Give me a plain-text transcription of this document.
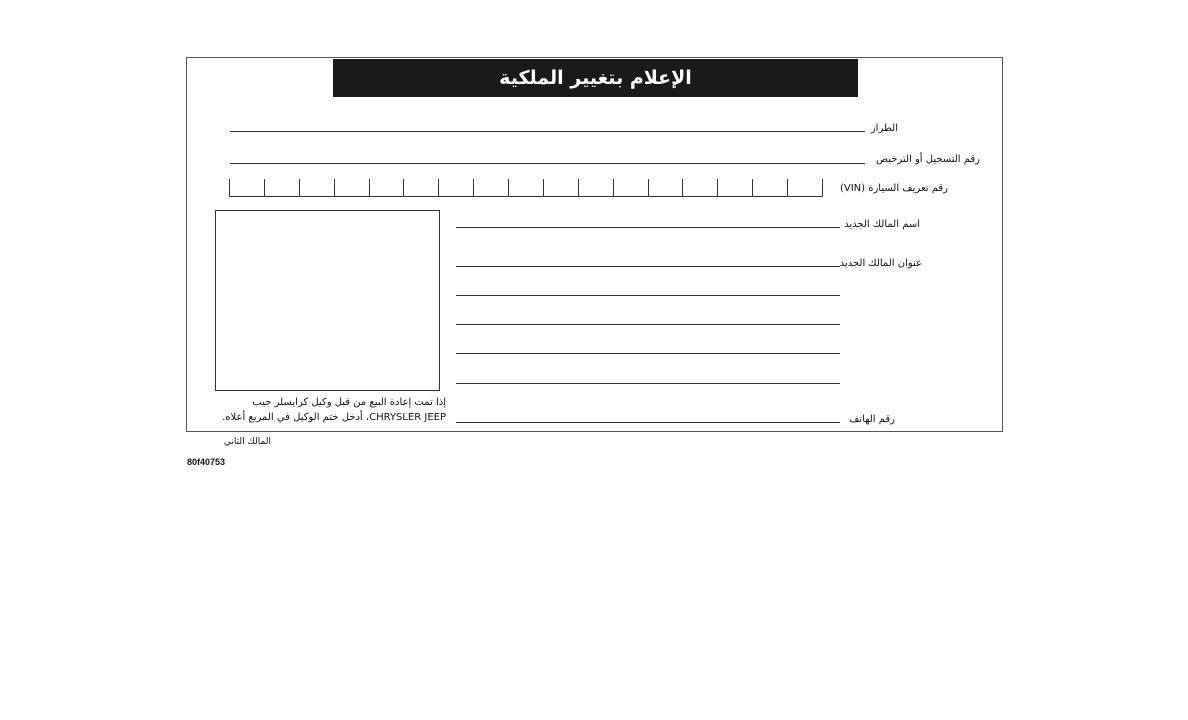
الإعلام بتغيير الملكية
الطراز
رقم التسجيل أو الترخيص
رقم تعريف السيارة (VIN)
اسم المالك الجديد
عنوان المالك الجديد
رقم الهاتف
إذا تمت إعادة البيع من قبل وكيل كرايسلر جيب
CHRYSLER JEEP، أدخل ختم الوكيل في المربع أعلاه.
المالك الثاني
80f40753
